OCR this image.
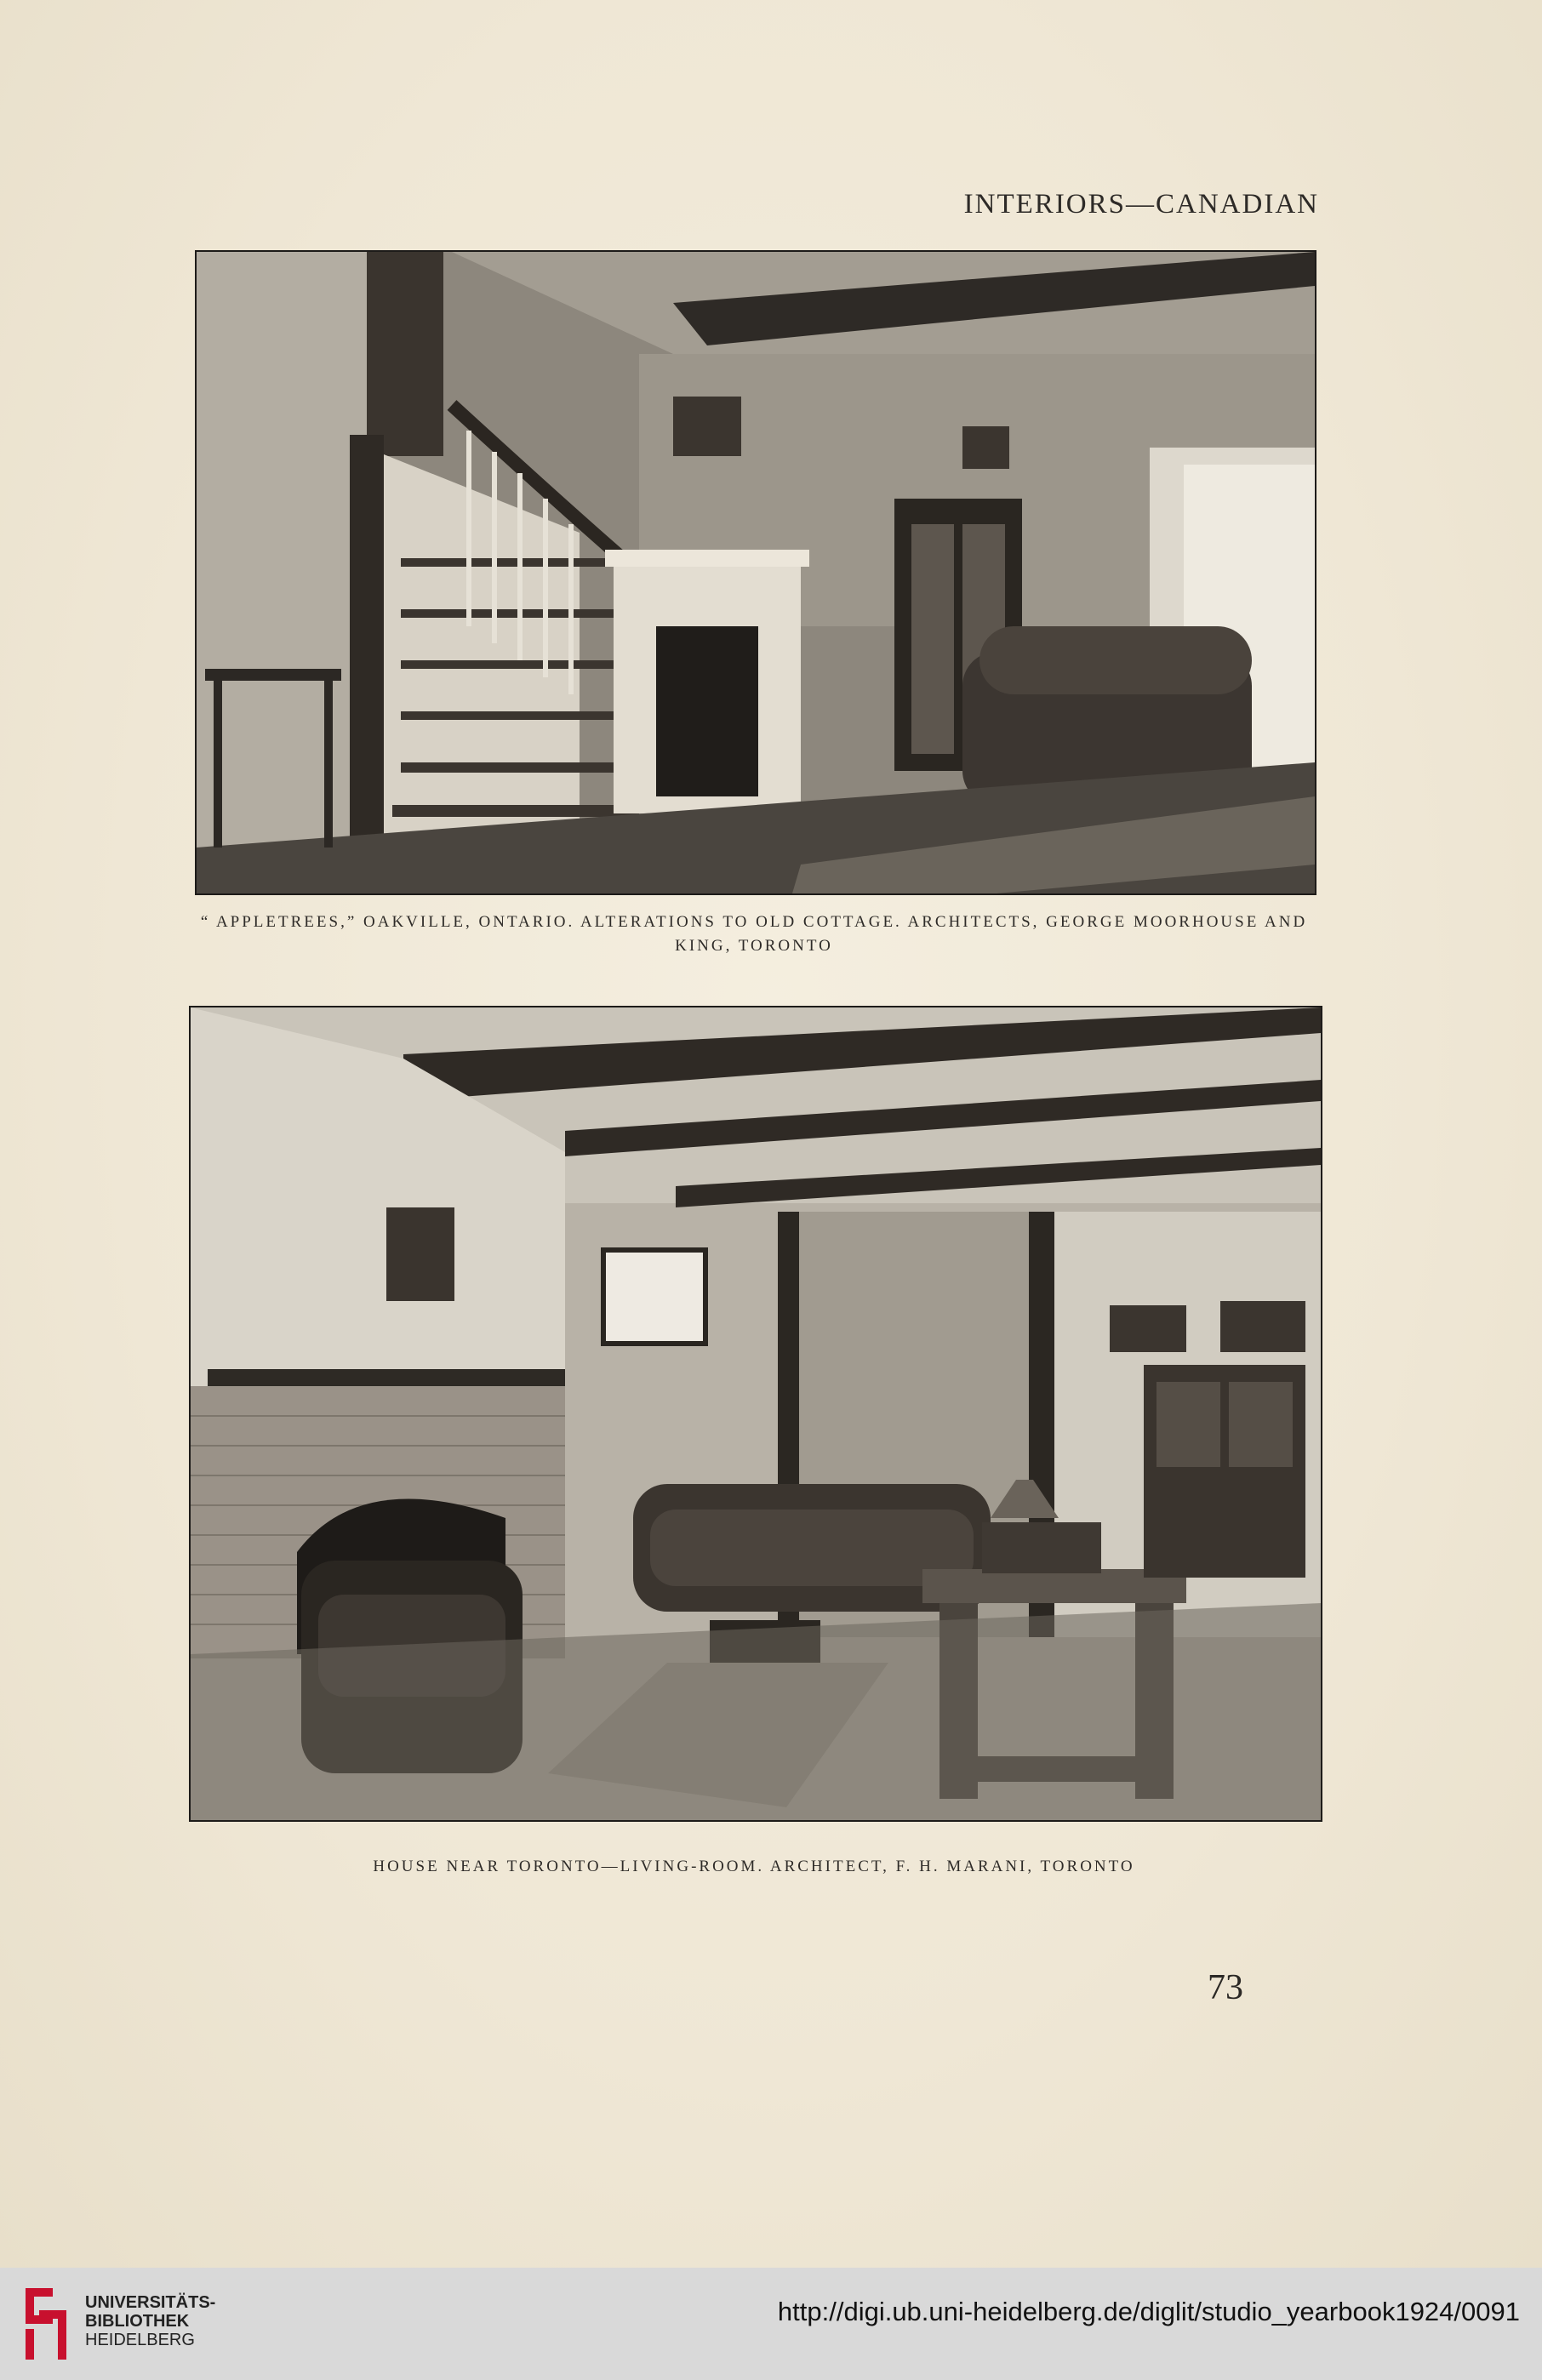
INTERIORS—CANADIAN
“ APPLETREES,” OAKVILLE, ONTARIO. ALTERATIONS TO OLD COTTAGE. ARCHITECTS, GEORGE MOORHOUSE AND KING, TORONTO
HOUSE NEAR TORONTO—LIVING-ROOM. ARCHITECT, F. H. MARANI, TORONTO
73
UNIVERSITÄTS-
BIBLIOTHEK
HEIDELBERG
http://digi.ub.uni-heidelberg.de/diglit/studio_yearbook1924/0091
